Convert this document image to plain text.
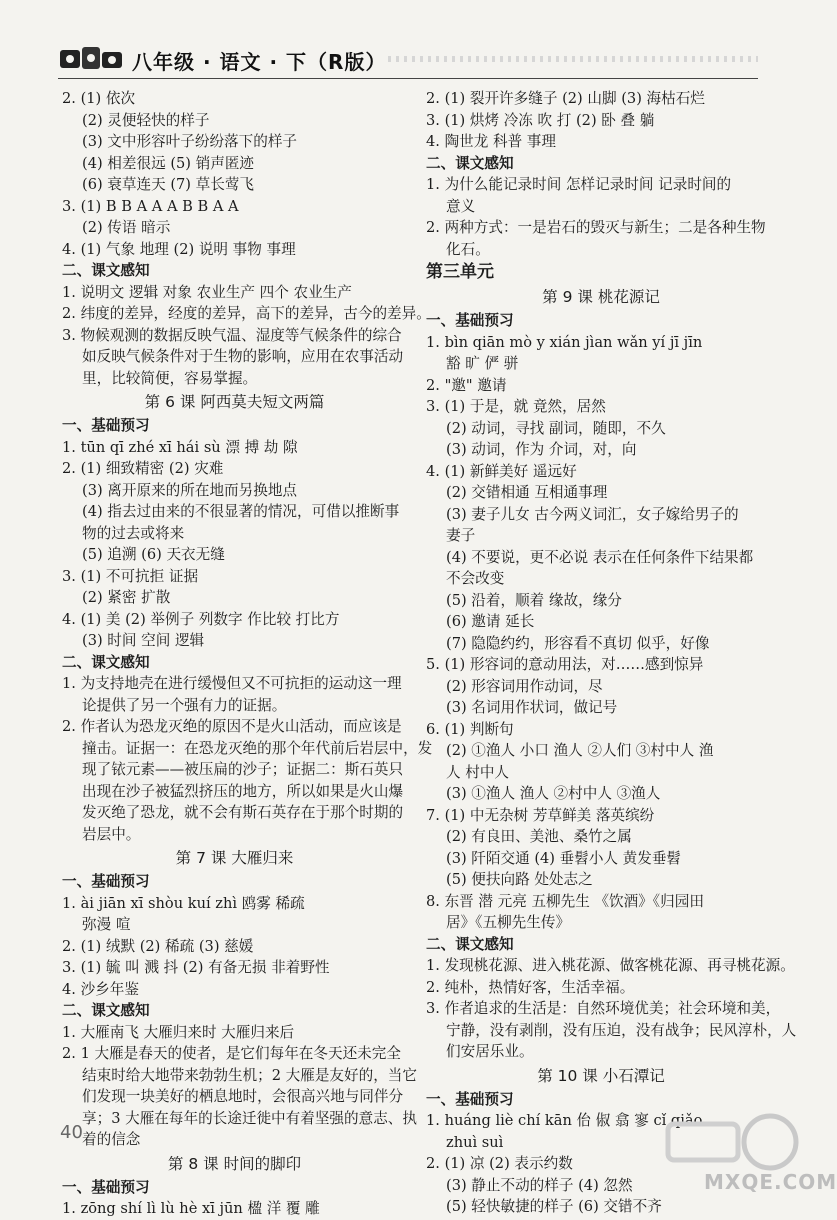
八年级 · 语文 · 下（R版）
2. (1) 依次
(2) 灵便轻快的样子
(3) 文中形容叶子纷纷落下的样子
(4) 相差很远 (5) 销声匿迹
(6) 衰草连天 (7) 草长莺飞
3. (1) B B A A A B B A A
(2) 传语 暗示
4. (1) 气象 地理 (2) 说明 事物 事理
二、课文感知
1. 说明文 逻辑 对象 农业生产 四个 农业生产
2. 纬度的差异，经度的差异，高下的差异，古今的差异。
3. 物候观测的数据反映气温、湿度等气候条件的综合
如反映气候条件对于生物的影响，应用在农事活动
里，比较简便，容易掌握。
第 6 课 阿西莫夫短文两篇
一、基础预习
1. tūn qī zhé xī hái sù 漂 搏 劫 隙
2. (1) 细致精密 (2) 灾难
(3) 离开原来的所在地而另换地点
(4) 指去过由来的不很显著的情况，可借以推断事
物的过去或将来
(5) 追溯 (6) 天衣无缝
3. (1) 不可抗拒 证据
(2) 紧密 扩散
4. (1) 美 (2) 举例子 列数字 作比较 打比方
(3) 时间 空间 逻辑
二、课文感知
1. 为支持地壳在进行缓慢但又不可抗拒的运动这一理
论提供了另一个强有力的证据。
2. 作者认为恐龙灭绝的原因不是火山活动，而应该是
撞击。证据一：在恐龙灭绝的那个年代前后岩层中，发
现了铱元素——被压扁的沙子；证据二：斯石英只
出现在沙子被猛烈挤压的地方，所以如果是火山爆
发灭绝了恐龙，就不会有斯石英存在于那个时期的
岩层中。
第 7 课 大雁归来
一、基础预习
1. ài jiān xī shòu kuí zhì 鸥雾 稀疏
弥漫 喧
2. (1) 绒默 (2) 稀疏 (3) 慈媛
3. (1) 毓 叫 溅 抖 (2) 有备无损 非着野性
4. 沙乡年鉴
二、课文感知
1. 大雁南飞 大雁归来时 大雁归来后
2. 1 大雁是春天的使者，是它们每年在冬天还未完全
结束时给大地带来勃勃生机；2 大雁是友好的，当它
们发现一块美好的栖息地时，会很高兴地与同伴分
享；3 大雁在每年的长途迁徙中有着坚强的意志、执
着的信念
第 8 课 时间的脚印
一、基础预习
1. zōng shí lì lù hè xī jūn 楹 洋 覆 雕
2. (1) 裂开许多缝子 (2) 山脚 (3) 海枯石烂
3. (1) 烘烤 冷冻 吹 打 (2) 卧 叠 躺
4. 陶世龙 科普 事理
二、课文感知
1. 为什么能记录时间 怎样记录时间 记录时间的
意义
2. 两种方式：一是岩石的毁灭与新生；二是各种生物
化石。
第三单元
第 9 课 桃花源记
一、基础预习
1. bìn qiān mò y xián jìan wǎn yí jī jīn
豁 旷 俨 骈
2. "邀" 邀请
3. (1) 于是，就 竟然，居然
(2) 动词，寻找 副词，随即，不久
(3) 动词，作为 介词，对，向
4. (1) 新鲜美好 遥远好
(2) 交错相通 互相通事理
(3) 妻子儿女 古今两义词汇，女子嫁给男子的
妻子
(4) 不要说，更不必说 表示在任何条件下结果都
不会改变
(5) 沿着，顺着 缘故，缘分
(6) 邀请 延长
(7) 隐隐约约，形容看不真切 似乎，好像
5. (1) 形容词的意动用法，对……感到惊异
(2) 形容词用作动词，尽
(3) 名词用作状词，做记号
6. (1) 判断句
(2) ①渔人 小口 渔人 ②人们 ③村中人 渔
人 村中人
(3) ①渔人 渔人 ②村中人 ③渔人
7. (1) 中无杂树 芳草鲜美 落英缤纷
(2) 有良田、美池、桑竹之属
(3) 阡陌交通 (4) 垂髫小人 黄发垂髫
(5) 便扶向路 处处志之
8. 东晋 潜 元亮 五柳先生 《饮酒》《归园田
居》《五柳先生传》
二、课文感知
1. 发现桃花源、进入桃花源、做客桃花源、再寻桃花源。
2. 纯朴，热情好客，生活幸福。
3. 作者追求的生活是：自然环境优美；社会环境和美，
宁静，没有剥削，没有压迫，没有战争；民风淳朴，人
们安居乐业。
第 10 课 小石潭记
一、基础预习
1. huáng liè chí kān 佁 俶 翕 寥 cǐ qiǎo
zhuì suì
2. (1) 凉 (2) 表示约数
(3) 静止不动的样子 (4) 忽然
(5) 轻快敏捷的样子 (6) 交错不齐
40
MXQE.COM
